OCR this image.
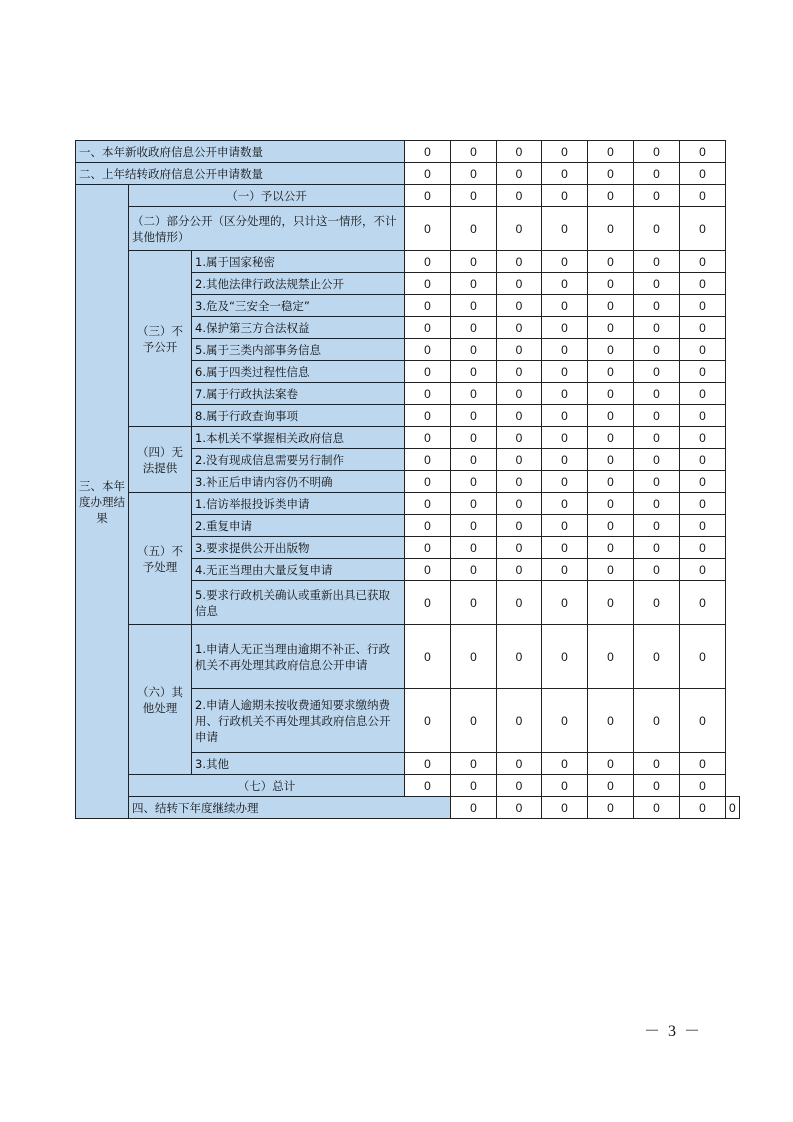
一、本年新收政府信息公开申请数量			0	0	0	0	0	0	0	
二、上年结转政府信息公开申请数量			0	0	0	0	0	0	0	
三、本年度办理结果	（一）予以公开		0	0	0	0	0	0	0	
	（二）部分公开（区分处理的，只计这一情形，不计其他情形）		0	0	0	0	0	0	0	
	（三）不予公开	1.属于国家秘密	0	0	0	0	0	0	0	
		2.其他法律行政法规禁止公开	0	0	0	0	0	0	0	
		3.危及“三安全一稳定”	0	0	0	0	0	0	0	
		4.保护第三方合法权益	0	0	0	0	0	0	0	
		5.属于三类内部事务信息	0	0	0	0	0	0	0	
		6.属于四类过程性信息	0	0	0	0	0	0	0	
		7.属于行政执法案卷	0	0	0	0	0	0	0	
		8.属于行政查询事项	0	0	0	0	0	0	0	
	（四）无法提供	1.本机关不掌握相关政府信息	0	0	0	0	0	0	0	
		2.没有现成信息需要另行制作	0	0	0	0	0	0	0	
		3.补正后申请内容仍不明确	0	0	0	0	0	0	0	
	（五）不予处理	1.信访举报投诉类申请	0	0	0	0	0	0	0	
		2.重复申请	0	0	0	0	0	0	0	
		3.要求提供公开出版物	0	0	0	0	0	0	0	
		4.无正当理由大量反复申请	0	0	0	0	0	0	0	
		5.要求行政机关确认或重新出具已获取信息	0	0	0	0	0	0	0	
	（六）其他处理	1.申请人无正当理由逾期不补正、行政机关不再处理其政府信息公开申请	0	0	0	0	0	0	0	
		2.申请人逾期未按收费通知要求缴纳费用、行政机关不再处理其政府信息公开申请	0	0	0	0	0	0	0	
		3.其他	0	0	0	0	0	0	0	
	（七）总计		0	0	0	0	0	0	0	
	四、结转下年度继续办理			0	0	0	0	0	0	0
－ 3 －
